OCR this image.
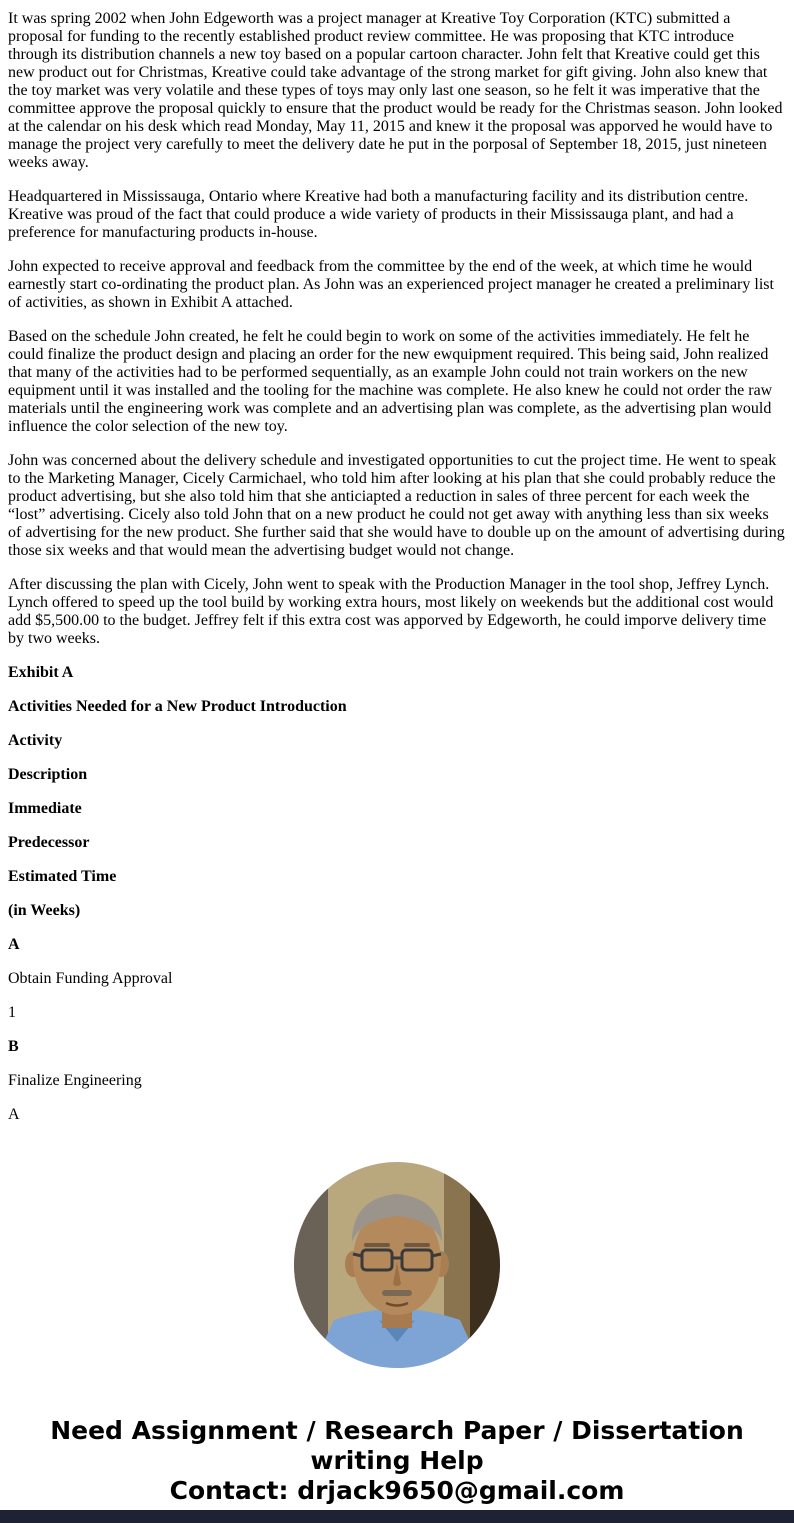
It was spring 2002 when John Edgeworth was a project manager at Kreative Toy Corporation (KTC) submitted a proposal for funding to the recently established product review committee. He was proposing that KTC introduce through its distribution channels a new toy based on a popular cartoon character. John felt that Kreative could get this new product out for Christmas, Kreative could take advantage of the strong market for gift giving. John also knew that the toy market was very volatile and these types of toys may only last one season, so he felt it was imperative that the committee approve the proposal quickly to ensure that the product would be ready for the Christmas season. John looked at the calendar on his desk which read Monday, May 11, 2015 and knew it the proposal was apporved he would have to manage the project very carefully to meet the delivery date he put in the porposal of September 18, 2015, just nineteen weeks away.

Headquartered in Mississauga, Ontario where Kreative had both a manufacturing facility and its distribution centre. Kreative was proud of the fact that could produce a wide variety of products in their Mississauga plant, and had a preference for manufacturing products in-house.

John expected to receive approval and feedback from the committee by the end of the week, at which time he would earnestly start co-ordinating the product plan. As John was an experienced project manager he created a preliminary list of activities, as shown in Exhibit A attached.

Based on the schedule John created, he felt he could begin to work on some of the activities immediately. He felt he could finalize the product design and placing an order for the new ewquipment required. This being said, John realized that many of the activities had to be performed sequentially, as an example John could not train workers on the new equipment until it was installed and the tooling for the machine was complete. He also knew he could not order the raw materials until the engineering work was complete and an advertising plan was complete, as the advertising plan would influence the color selection of the new toy.

John was concerned about the delivery schedule and investigated opportunities to cut the project time. He went to speak to the Marketing Manager, Cicely Carmichael, who told him after looking at his plan that she could probably reduce the product advertising, but she also told him that she anticiapted a reduction in sales of three percent for each week the “lost” advertising. Cicely also told John that on a new product he could not get away with anything less than six weeks of advertising for the new product. She further said that she would have to double up on the amount of advertising during those six weeks and that would mean the advertising budget would not change.

After discussing the plan with Cicely, John went to speak with the Production Manager in the tool shop, Jeffrey Lynch. Lynch offered to speed up the tool build by working extra hours, most likely on weekends but the additional cost would add $5,500.00 to the budget. Jeffrey felt if this extra cost was apporved by Edgeworth, he could imporve delivery time by two weeks.

Exhibit A

Activities Needed for a New Product Introduction

Activity

Description

Immediate

Predecessor

Estimated Time

(in Weeks)

A

Obtain Funding Approval

1

B

Finalize Engineering

A

Need Assignment / Research Paper / Dissertation writing Help
Contact: drjack9650@gmail.com
